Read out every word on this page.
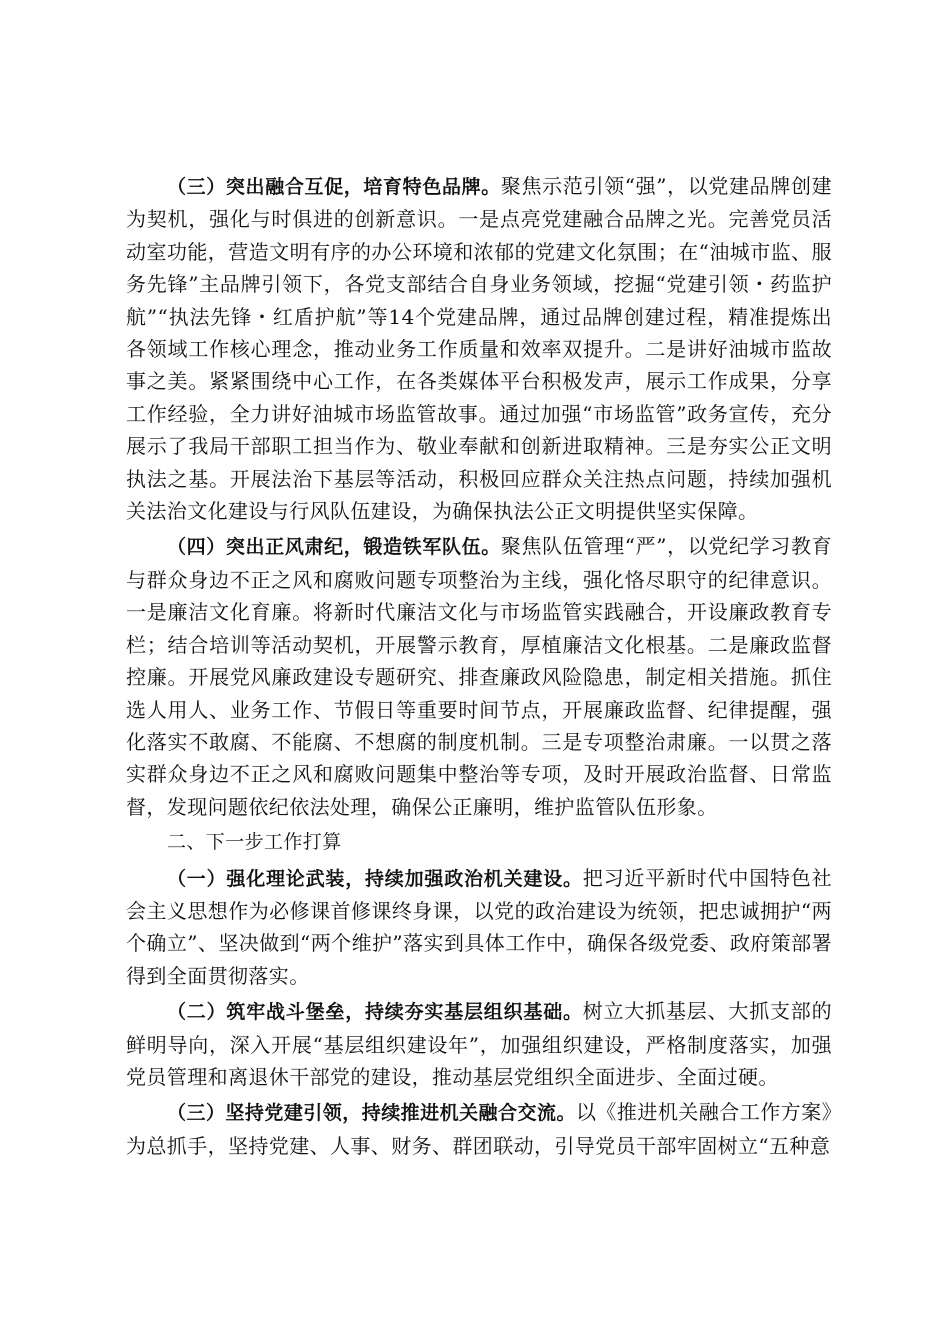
（三）突出融合互促，培育特色品牌。聚焦示范引领“强”，以党建品牌创建为契机，强化与时俱进的创新意识。一是点亮党建融合品牌之光。完善党员活动室功能，营造文明有序的办公环境和浓郁的党建文化氛围；在“油城市监、服务先锋”主品牌引领下，各党支部结合自身业务领域，挖掘“党建引领・药监护航”“执法先锋・红盾护航”等14个党建品牌，通过品牌创建过程，精准提炼出各领域工作核心理念，推动业务工作质量和效率双提升。二是讲好油城市监故事之美。紧紧围绕中心工作，在各类媒体平台积极发声，展示工作成果，分享工作经验，全力讲好油城市场监管故事。通过加强“市场监管”政务宣传，充分展示了我局干部职工担当作为、敬业奉献和创新进取精神。三是夯实公正文明执法之基。开展法治下基层等活动，积极回应群众关注热点问题，持续加强机关法治文化建设与行风队伍建设，为确保执法公正文明提供坚实保障。

（四）突出正风肃纪，锻造铁军队伍。聚焦队伍管理“严”，以党纪学习教育与群众身边不正之风和腐败问题专项整治为主线，强化恪尽职守的纪律意识。一是廉洁文化育廉。将新时代廉洁文化与市场监管实践融合，开设廉政教育专栏；结合培训等活动契机，开展警示教育，厚植廉洁文化根基。二是廉政监督控廉。开展党风廉政建设专题研究、排查廉政风险隐患，制定相关措施。抓住选人用人、业务工作、节假日等重要时间节点，开展廉政监督、纪律提醒，强化落实不敢腐、不能腐、不想腐的制度机制。三是专项整治肃廉。一以贯之落实群众身边不正之风和腐败问题集中整治等专项，及时开展政治监督、日常监督，发现问题依纪依法处理，确保公正廉明，维护监管队伍形象。

二、下一步工作打算

（一）强化理论武装，持续加强政治机关建设。把习近平新时代中国特色社会主义思想作为必修课首修课终身课，以党的政治建设为统领，把忠诚拥护“两个确立”、坚决做到“两个维护”落实到具体工作中，确保各级党委、政府策部署得到全面贯彻落实。

（二）筑牢战斗堡垒，持续夯实基层组织基础。树立大抓基层、大抓支部的鲜明导向，深入开展“基层组织建设年”，加强组织建设，严格制度落实，加强党员管理和离退休干部党的建设，推动基层党组织全面进步、全面过硬。

（三）坚持党建引领，持续推进机关融合交流。以《推进机关融合工作方案》为总抓手，坚持党建、人事、财务、群团联动，引导党员干部牢固树立“五种意
